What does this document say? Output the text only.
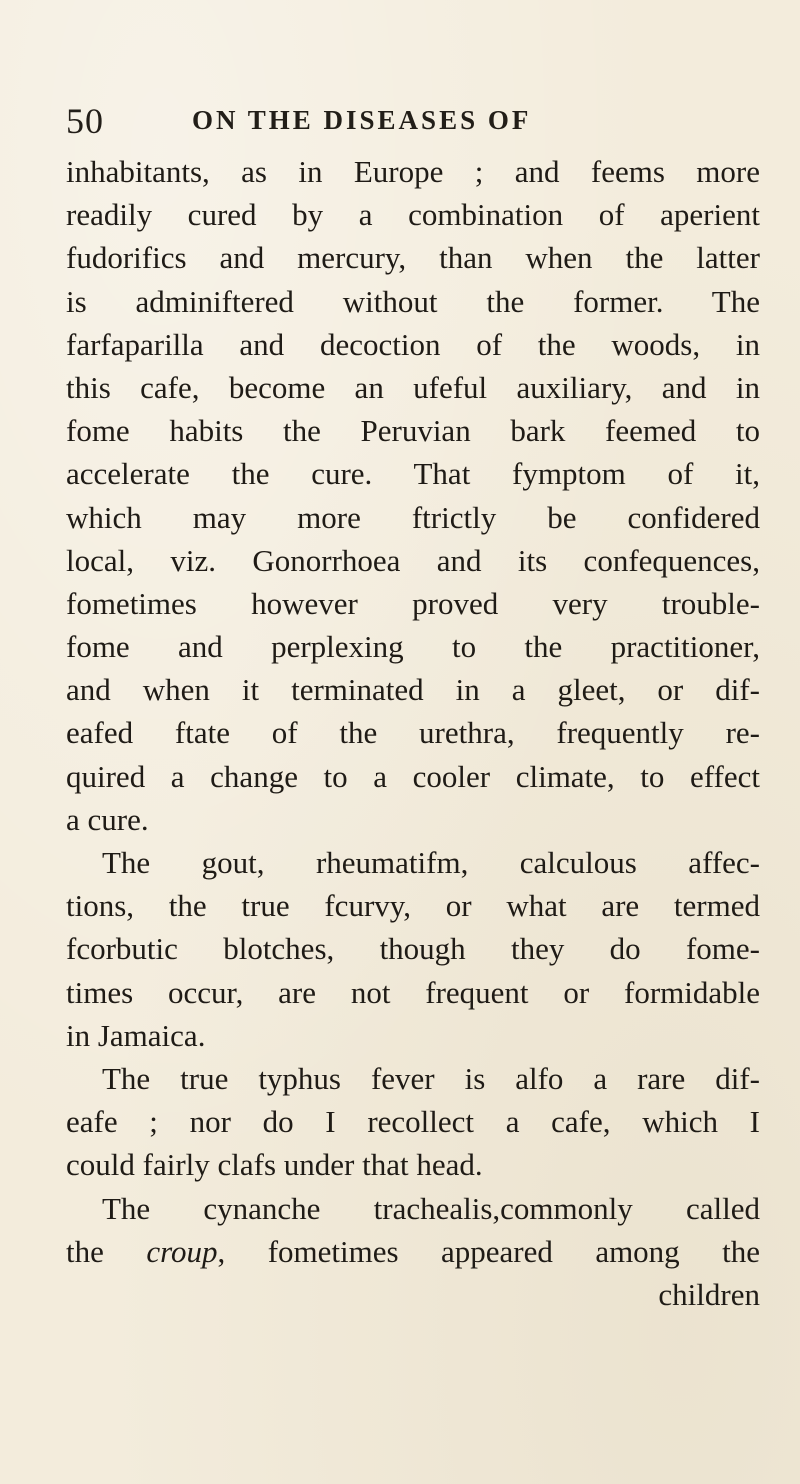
50	ON THE DISEASES OF
inhabitants, as in Europe ; and feems more
readily cured by a combination of aperient
fudorifics and mercury, than when the latter
is adminiftered without the former. The
farfaparilla and decoction of the woods, in
this cafe, become an ufeful auxiliary, and in
fome habits the Peruvian bark feemed to
accelerate the cure. That fymptom of it,
which may more ftrictly be confidered
local, viz. Gonorrhoea and its confequences,
fometimes however proved very trouble-
fome and perplexing to the practitioner,
and when it terminated in a gleet, or dif-
eafed ftate of the urethra, frequently re-
quired a change to a cooler climate, to effect
a cure.
The gout, rheumatifm, calculous affec-
tions, the true fcurvy, or what are termed
fcorbutic blotches, though they do fome-
times occur, are not frequent or formidable
in Jamaica.
The true typhus fever is alfo a rare dif-
eafe ; nor do I recollect a cafe, which I
could fairly clafs under that head.
The cynanche trachealis,commonly called
the croup, fometimes appeared among the
children
